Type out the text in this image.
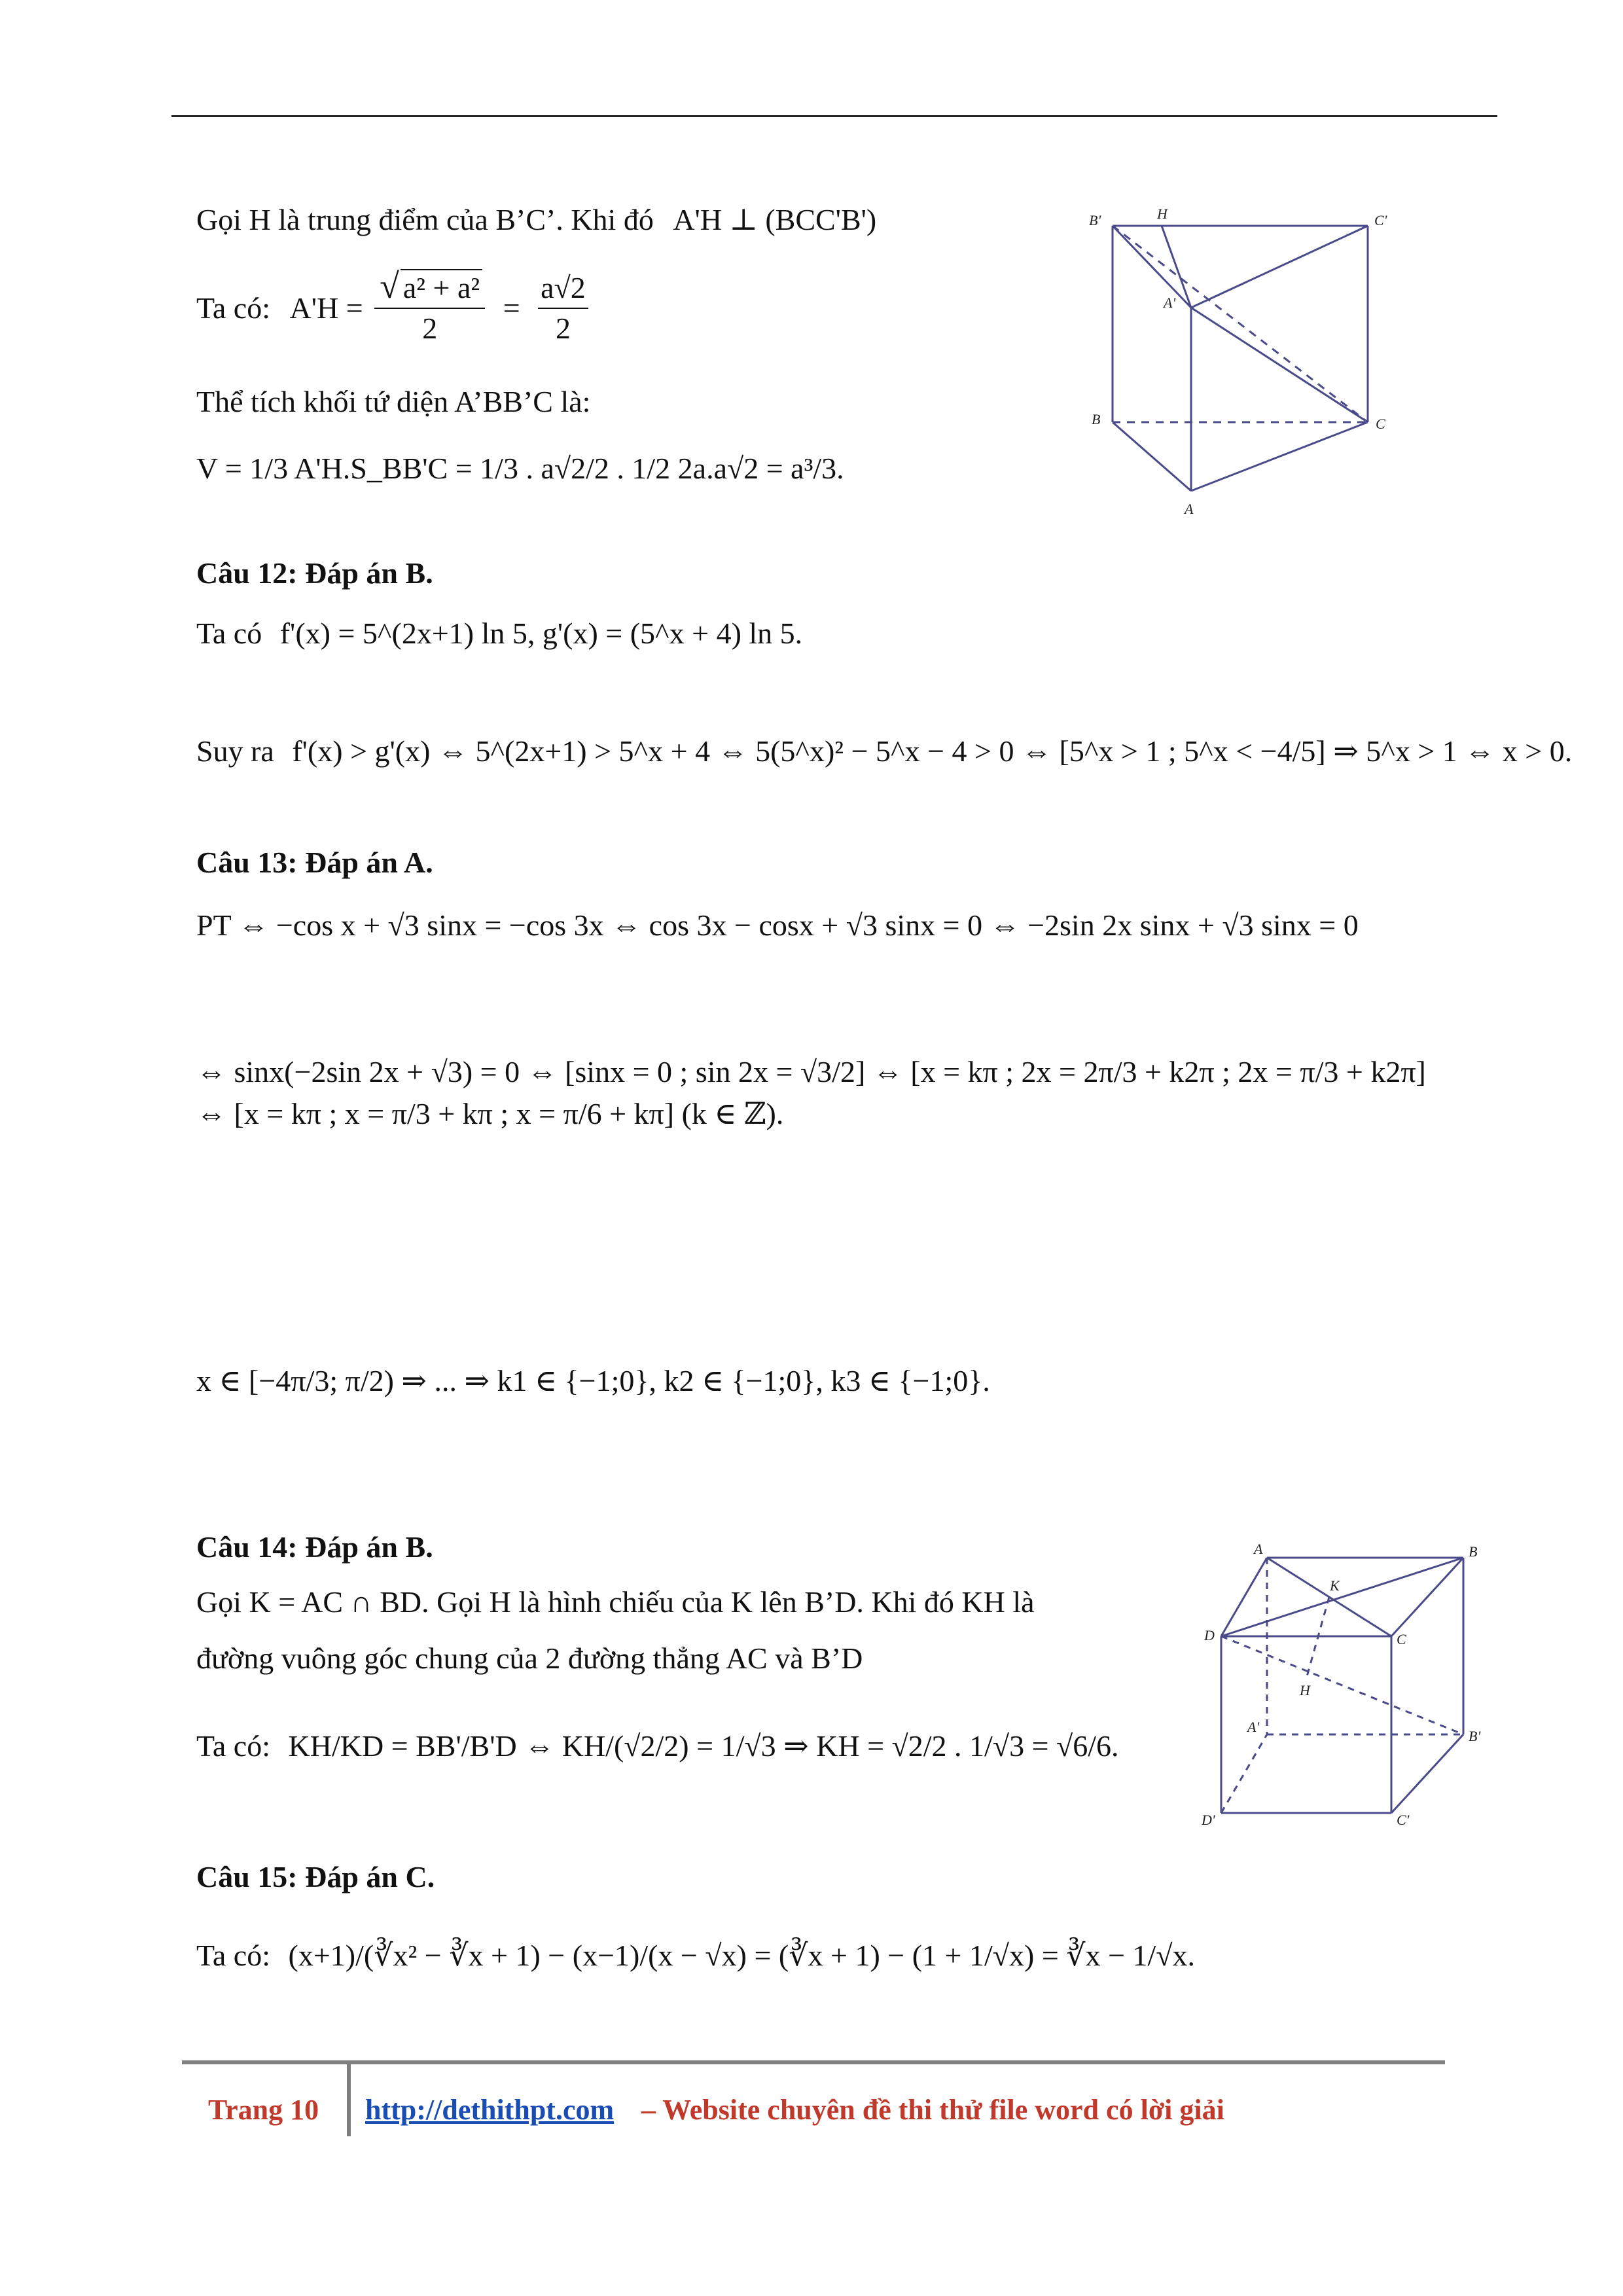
Gọi H là trung điểm của B’C’. Khi đó A'H ⊥ (BCC'B')
Ta có: $A'H = \frac{\text{√ a² + a²}}{2} = \frac{a√2}{2}$
Thể tích khối tứ diện A’BB’C là:
V = 1/3 A'H.S_BB'C = 1/3 . a√2/2 . 1/2 2a.a√2 = a³/3.
B'	H	C'
A'
B	C
A
Câu 12: Đáp án B.
Ta có f'(x) = 5^(2x+1) ln 5, g'(x) = (5^x + 4) ln 5.
Suy ra f'(x) > g'(x) ⇔ 5^(2x+1) > 5^x + 4 ⇔ 5(5^x)² − 5^x − 4 > 0 ⇔ [5^x > 1 ; 5^x < −4/5] ⇒ 5^x > 1 ⇔ x > 0.
Câu 13: Đáp án A.
PT ⇔ −cos x + √3 sinx = −cos 3x ⇔ cos 3x − cosx + √3 sinx = 0 ⇔ −2sin 2x sinx + √3 sinx = 0
⇔ sinx(−2sin 2x + √3) = 0 ⇔ [sinx = 0 ; sin 2x = √3/2] ⇔ [x = kπ ; 2x = 2π/3 + k2π ; 2x = π/3 + k2π] ⇔ [x = kπ ; x = π/3 + kπ ; x = π/6 + kπ] (k ∈ ℤ).
x ∈ [−4π/3; π/2) ⇒ ... ⇒ k1 ∈ {−1;0}, k2 ∈ {−1;0}, k3 ∈ {−1;0}.
Câu 14: Đáp án B.
Gọi K = AC ∩ BD. Gọi H là hình chiếu của K lên B’D. Khi đó KH là
đường vuông góc chung của 2 đường thẳng AC và B’D
Ta có: KH/KD = BB'/B'D ⇔ KH/(√2/2) = 1/√3 ⇒ KH = √2/2 . 1/√3 = √6/6.
A
K
B
D	C
H
A'
B'
D'	C'
Câu 15: Đáp án C.
Ta có: (x+1)/(∛x² − ∛x + 1) − (x−1)/(x − √x) = (∛x + 1) − (1 + 1/√x) = ∛x − 1/√x.
Trang 10 http://dethithpt.com – Website chuyên đề thi thử file word có lời giải
